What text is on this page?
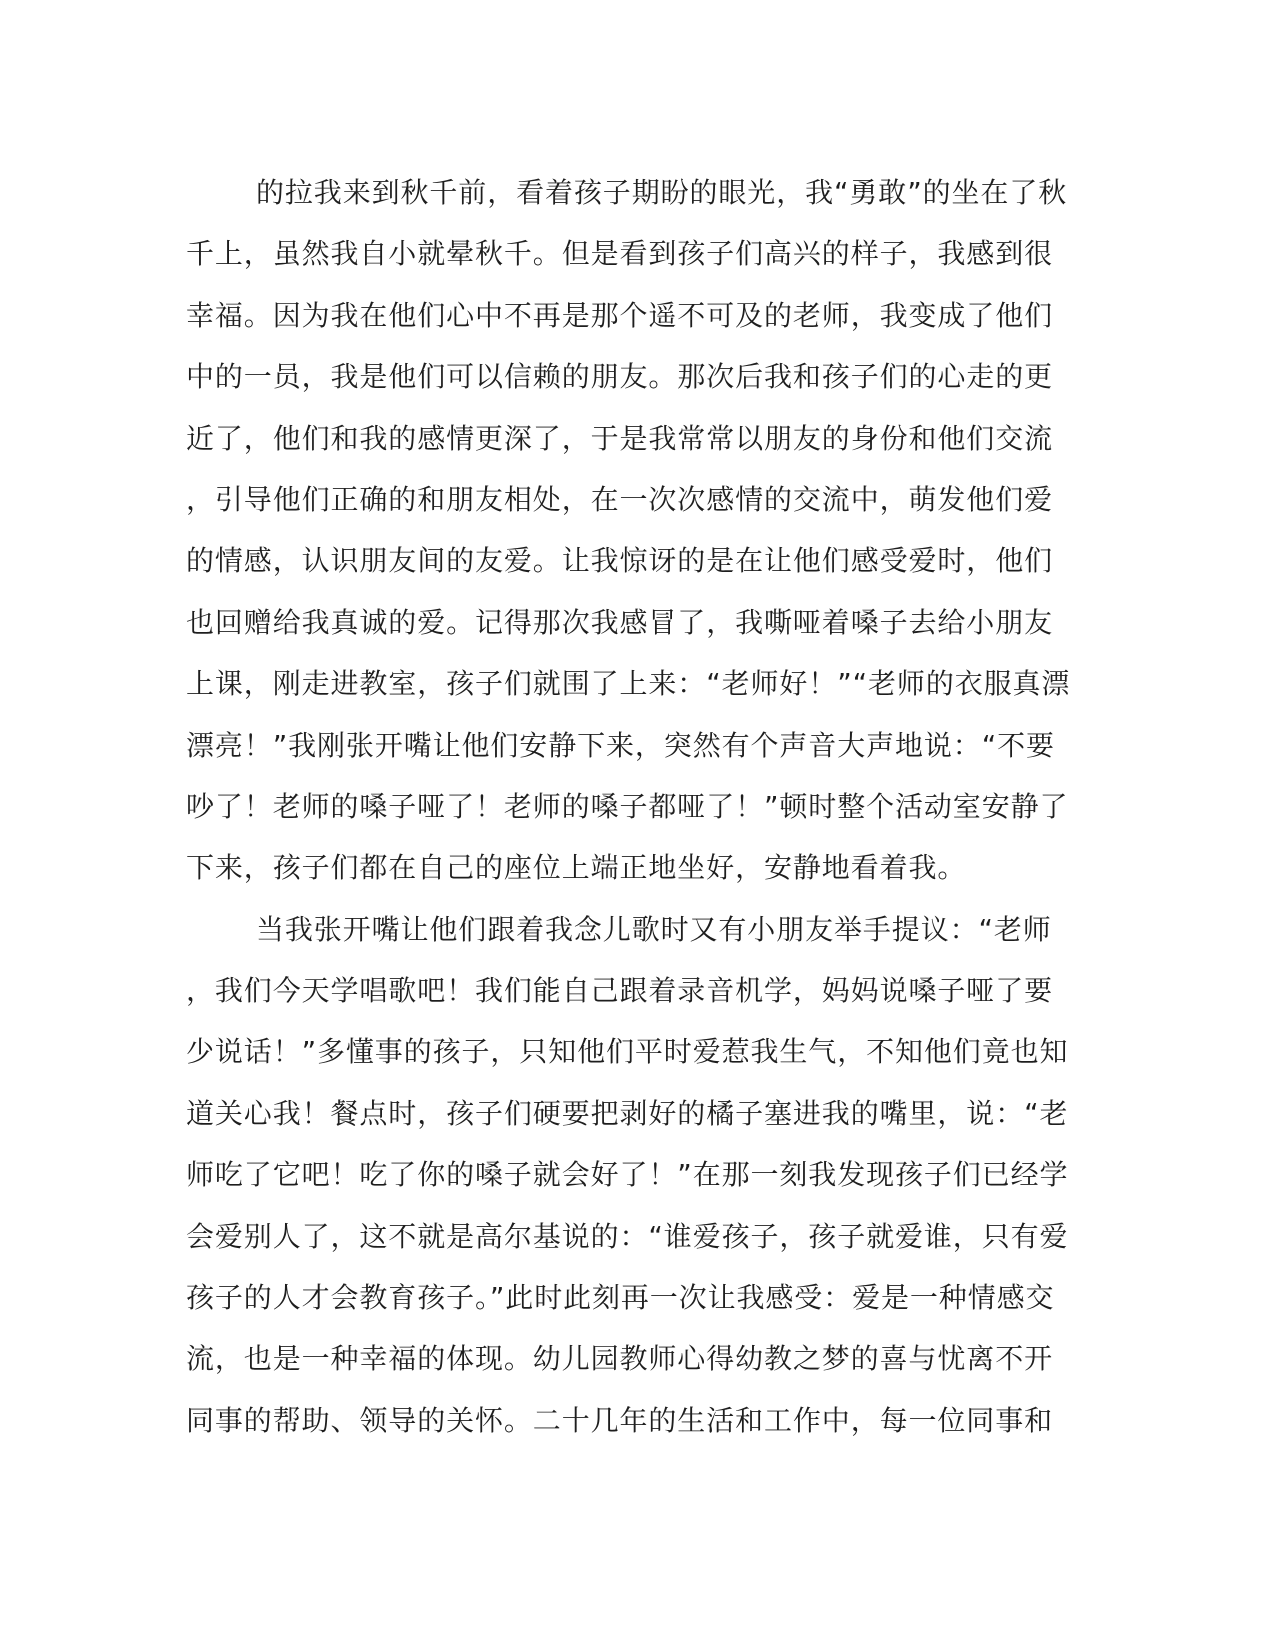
的拉我来到秋千前，看着孩子期盼的眼光，我“勇敢”的坐在了秋
千上，虽然我自小就晕秋千。但是看到孩子们高兴的样子，我感到很
幸福。因为我在他们心中不再是那个遥不可及的老师，我变成了他们
中的一员，我是他们可以信赖的朋友。那次后我和孩子们的心走的更
近了，他们和我的感情更深了，于是我常常以朋友的身份和他们交流
，引导他们正确的和朋友相处，在一次次感情的交流中，萌发他们爱
的情感，认识朋友间的友爱。让我惊讶的是在让他们感受爱时，他们
也回赠给我真诚的爱。记得那次我感冒了，我嘶哑着嗓子去给小朋友
上课，刚走进教室，孩子们就围了上来：“老师好！”“老师的衣服真漂
漂亮！”我刚张开嘴让他们安静下来，突然有个声音大声地说：“不要
吵了！老师的嗓子哑了！老师的嗓子都哑了！”顿时整个活动室安静了
下来，孩子们都在自己的座位上端正地坐好，安静地看着我。
当我张开嘴让他们跟着我念儿歌时又有小朋友举手提议：“老师
，我们今天学唱歌吧！我们能自己跟着录音机学，妈妈说嗓子哑了要
少说话！”多懂事的孩子，只知他们平时爱惹我生气，不知他们竟也知
道关心我！餐点时，孩子们硬要把剥好的橘子塞进我的嘴里，说：“老
师吃了它吧！吃了你的嗓子就会好了！”在那一刻我发现孩子们已经学
会爱别人了，这不就是高尔基说的：“谁爱孩子，孩子就爱谁，只有爱
孩子的人才会教育孩子。”此时此刻再一次让我感受：爱是一种情感交
流，也是一种幸福的体现。幼儿园教师心得幼教之梦的喜与忧离不开
同事的帮助、领导的关怀。二十几年的生活和工作中，每一位同事和
